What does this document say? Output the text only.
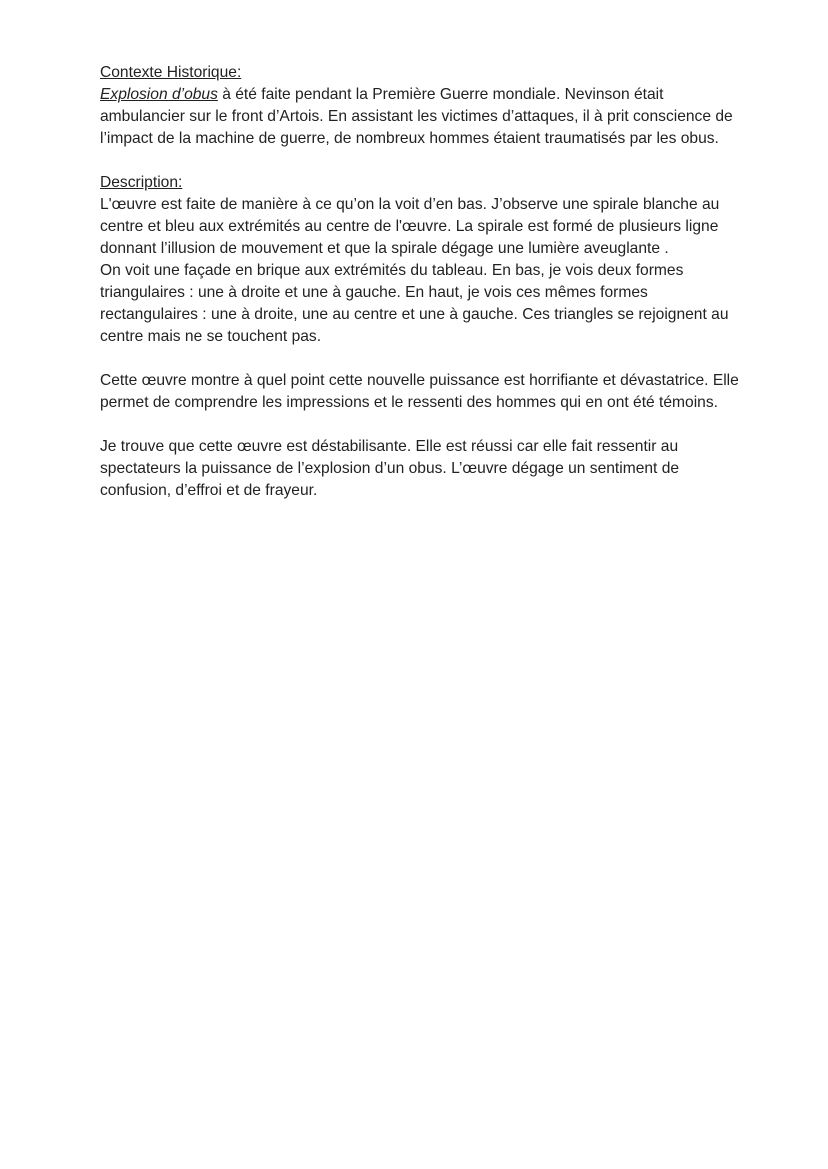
Contexte Historique:

Explosion d’obus à été faite pendant la Première Guerre mondiale. Nevinson était ambulancier sur le front d’Artois. En assistant les victimes d’attaques, il à prit conscience de l’impact de la machine de guerre, de nombreux hommes étaient traumatisés par les obus.

Description:

L'œuvre est faite de manière à ce qu’on la voit d’en bas. J’observe une spirale blanche au centre et bleu aux extrémités au centre de l'œuvre. La spirale est formé de plusieurs ligne donnant l’illusion de mouvement et que la spirale dégage une lumière aveuglante .

On voit une façade en brique aux extrémités du tableau. En bas, je vois deux formes triangulaires : une à droite et une à gauche. En haut, je vois ces mêmes formes rectangulaires : une à droite, une au centre et une à gauche. Ces triangles se rejoignent au centre mais ne se touchent pas.

Cette œuvre montre à quel point cette nouvelle puissance est horrifiante et dévastatrice. Elle permet de comprendre les impressions et le ressenti des hommes qui en ont été témoins.

Je trouve que cette œuvre est déstabilisante. Elle est réussi car elle fait ressentir au spectateurs la puissance de l’explosion d’un obus. L’œuvre dégage un sentiment de confusion, d’effroi et de frayeur.
